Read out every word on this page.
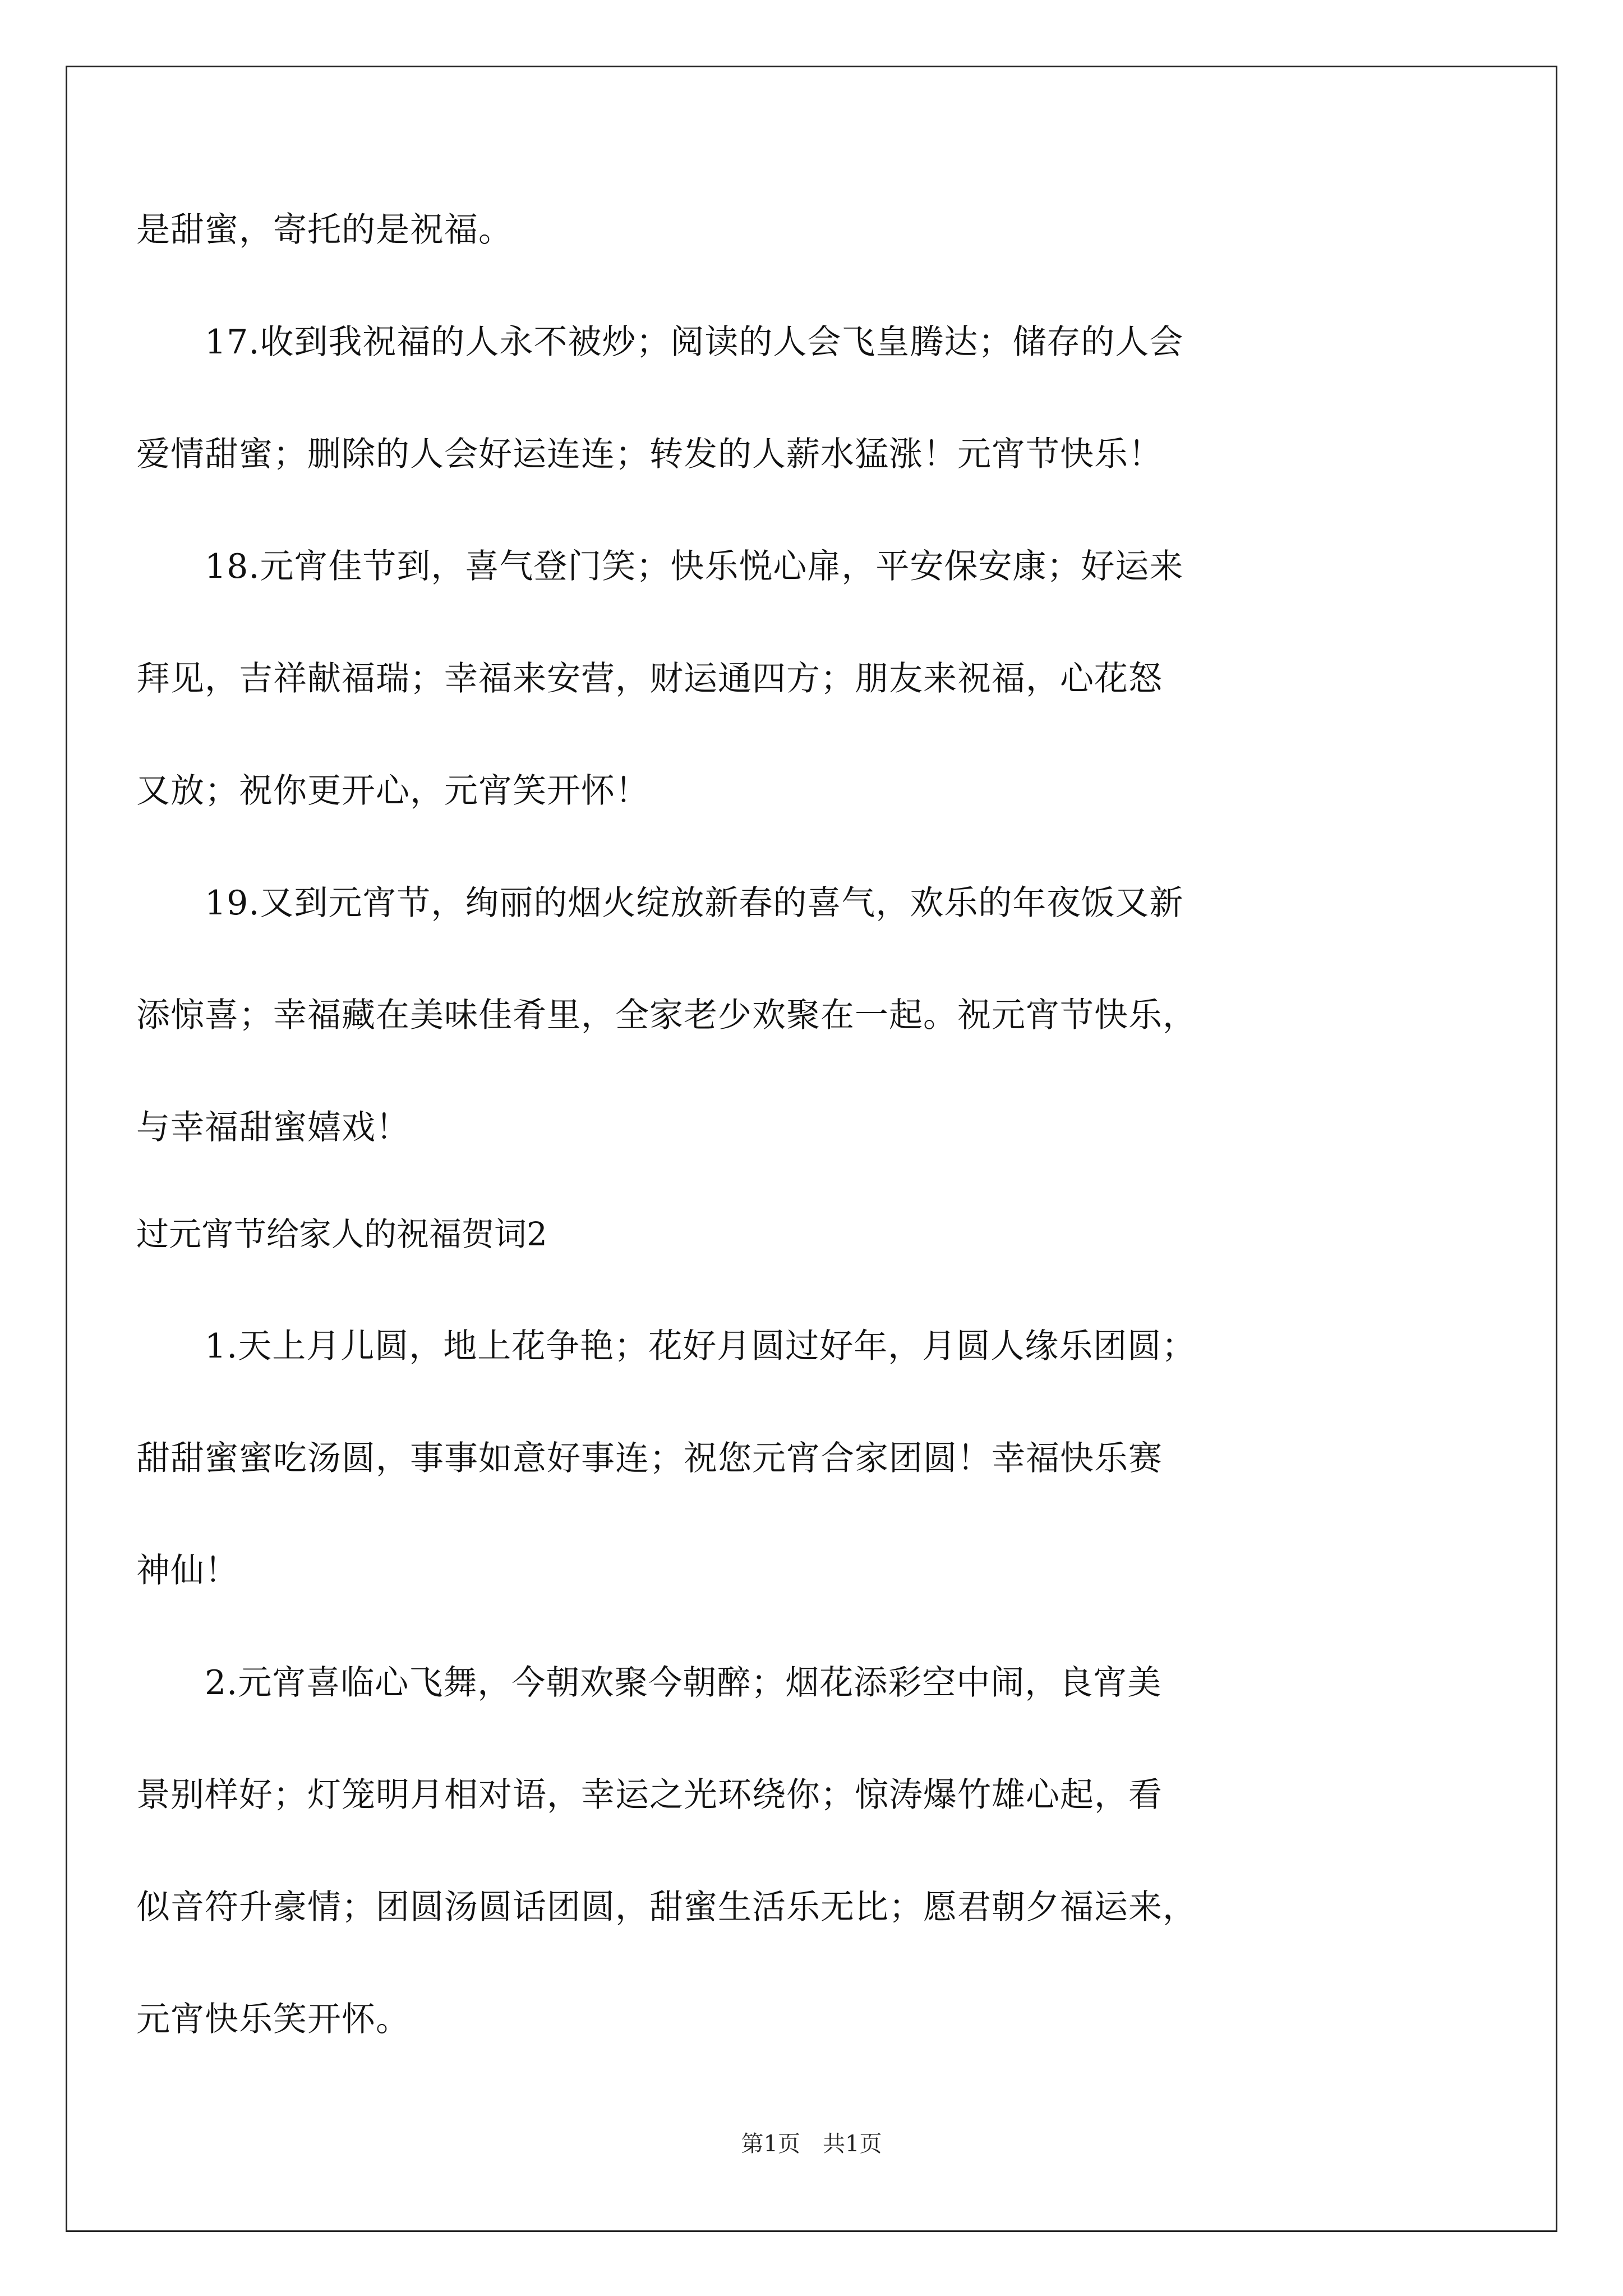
是甜蜜，寄托的是祝福。
17.收到我祝福的人永不被炒；阅读的人会飞皇腾达；储存的人会
爱情甜蜜；删除的人会好运连连；转发的人薪水猛涨！元宵节快乐！
18.元宵佳节到，喜气登门笑；快乐悦心扉，平安保安康；好运来
拜见，吉祥献福瑞；幸福来安营，财运通四方；朋友来祝福，心花怒
又放；祝你更开心，元宵笑开怀！
19.又到元宵节，绚丽的烟火绽放新春的喜气，欢乐的年夜饭又新
添惊喜；幸福藏在美味佳肴里，全家老少欢聚在一起。祝元宵节快乐，
与幸福甜蜜嬉戏！
过元宵节给家人的祝福贺词2
1.天上月儿圆，地上花争艳；花好月圆过好年，月圆人缘乐团圆；
甜甜蜜蜜吃汤圆，事事如意好事连；祝您元宵合家团圆！幸福快乐赛
神仙！
2.元宵喜临心飞舞，今朝欢聚今朝醉；烟花添彩空中闹，良宵美
景别样好；灯笼明月相对语，幸运之光环绕你；惊涛爆竹雄心起，看
似音符升豪情；团圆汤圆话团圆，甜蜜生活乐无比；愿君朝夕福运来，
元宵快乐笑开怀。
第1页　共1页
